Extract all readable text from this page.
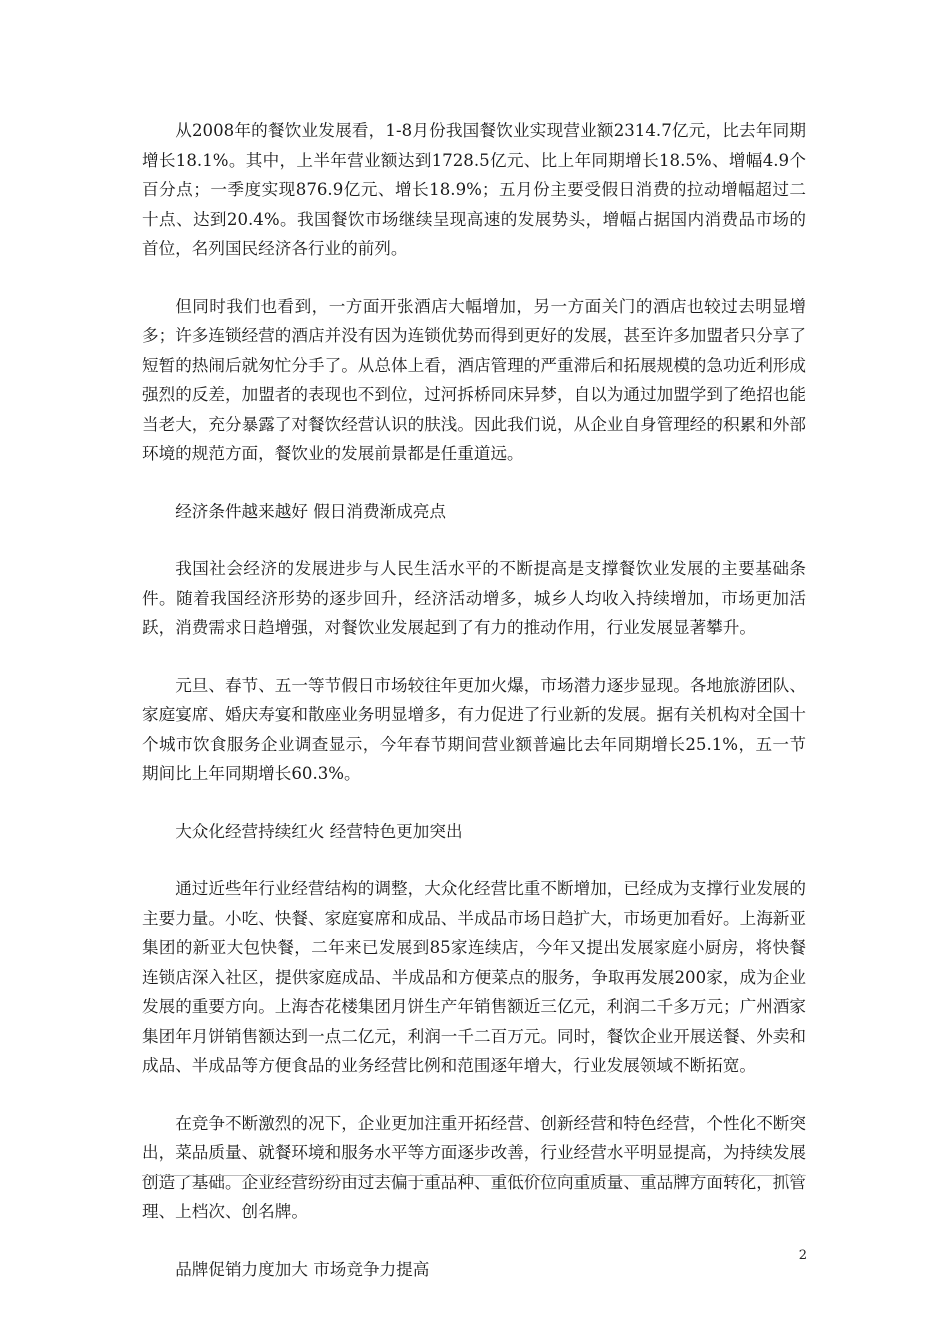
从2008年的餐饮业发展看，1-8月份我国餐饮业实现营业额2314.7亿元，比去年同期增长18.1%。其中，上半年营业额达到1728.5亿元、比上年同期增长18.5%、增幅4.9个百分点；一季度实现876.9亿元、增长18.9%；五月份主要受假日消费的拉动增幅超过二十点、达到20.4%。我国餐饮市场继续呈现高速的发展势头，增幅占据国内消费品市场的首位，名列国民经济各行业的前列。

但同时我们也看到，一方面开张酒店大幅增加，另一方面关门的酒店也较过去明显增多；许多连锁经营的酒店并没有因为连锁优势而得到更好的发展，甚至许多加盟者只分享了短暂的热闹后就匆忙分手了。从总体上看，酒店管理的严重滞后和拓展规模的急功近利形成强烈的反差，加盟者的表现也不到位，过河拆桥同床异梦，自以为通过加盟学到了绝招也能当老大，充分暴露了对餐饮经营认识的肤浅。因此我们说，从企业自身管理经的积累和外部环境的规范方面，餐饮业的发展前景都是任重道远。

经济条件越来越好 假日消费渐成亮点

我国社会经济的发展进步与人民生活水平的不断提高是支撑餐饮业发展的主要基础条件。随着我国经济形势的逐步回升，经济活动增多，城乡人均收入持续增加，市场更加活跃，消费需求日趋增强，对餐饮业发展起到了有力的推动作用，行业发展显著攀升。

元旦、春节、五一等节假日市场较往年更加火爆，市场潜力逐步显现。各地旅游团队、家庭宴席、婚庆寿宴和散座业务明显增多，有力促进了行业新的发展。据有关机构对全国十个城市饮食服务企业调查显示，今年春节期间营业额普遍比去年同期增长25.1%，五一节期间比上年同期增长60.3%。

大众化经营持续红火 经营特色更加突出

通过近些年行业经营结构的调整，大众化经营比重不断增加，已经成为支撑行业发展的主要力量。小吃、快餐、家庭宴席和成品、半成品市场日趋扩大，市场更加看好。上海新亚集团的新亚大包快餐，二年来已发展到85家连续店，今年又提出发展家庭小厨房，将快餐连锁店深入社区，提供家庭成品、半成品和方便菜点的服务，争取再发展200家，成为企业发展的重要方向。上海杏花楼集团月饼生产年销售额近三亿元，利润二千多万元；广州酒家集团年月饼销售额达到一点二亿元，利润一千二百万元。同时，餐饮企业开展送餐、外卖和成品、半成品等方便食品的业务经营比例和范围逐年增大，行业发展领域不断拓宽。

在竞争不断激烈的况下，企业更加注重开拓经营、创新经营和特色经营，个性化不断突出，菜品质量、就餐环境和服务水平等方面逐步改善，行业经营水平明显提高，为持续发展创造了基础。企业经营纷纷由过去偏于重品种、重低价位向重质量、重品牌方面转化，抓管理、上档次、创名牌。

品牌促销力度加大 市场竞争力提高

2
